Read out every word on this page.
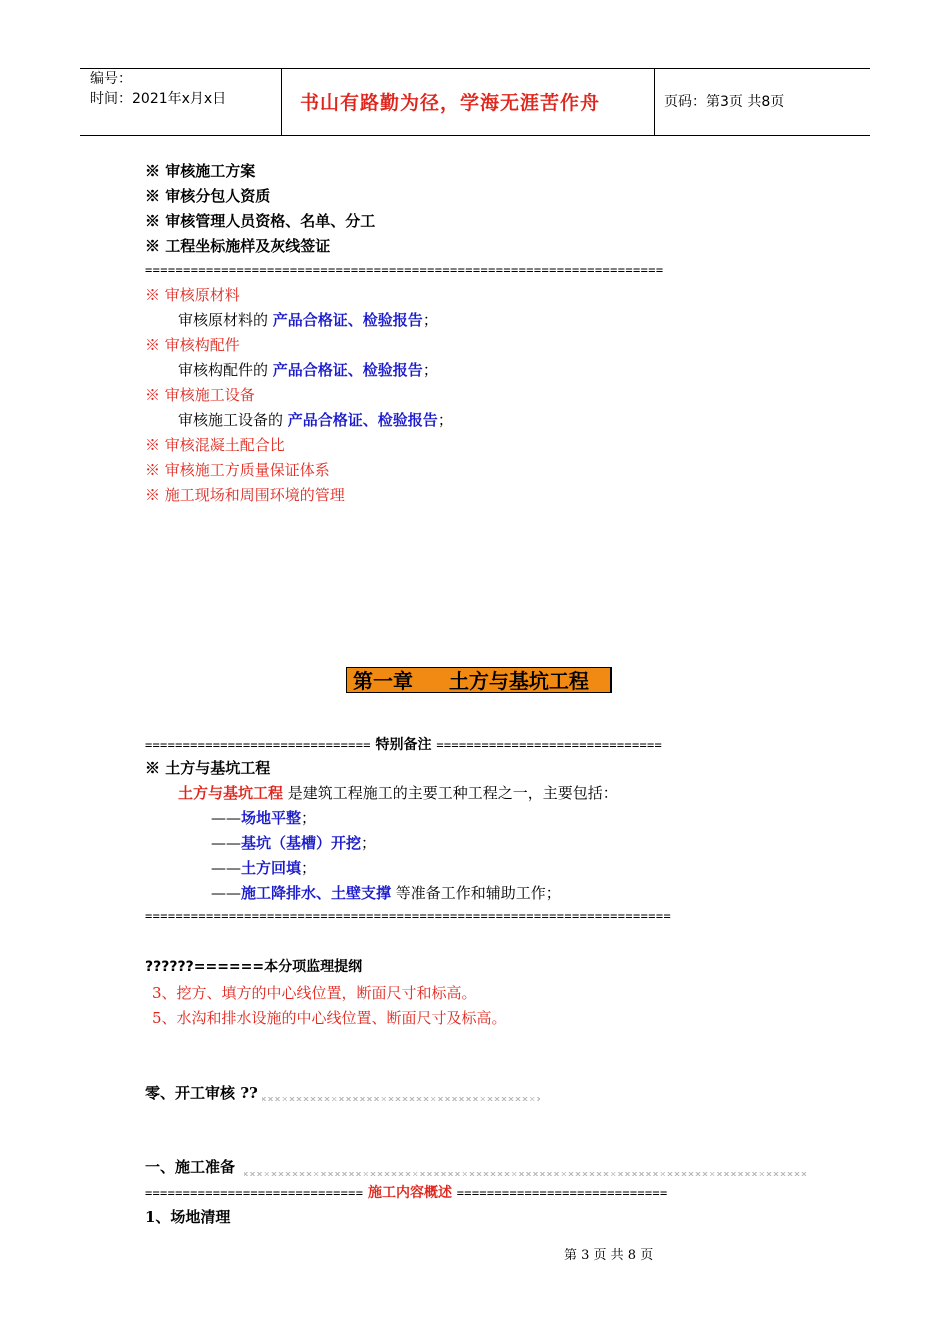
编号：
时间：2021年x月x日	书山有路勤为径，学海无涯苦作舟	页码：第3页 共8页
※ 审核施工方案
※ 审核分包人资质
※ 审核管理人员资格、名单、分工
※ 工程坐标施样及灰线签证
====================================================================
※ 审核原材料
审核原材料的 产品合格证、检验报告；
※ 审核构配件
审核构配件的 产品合格证、检验报告；
※ 审核施工设备
审核施工设备的 产品合格证、检验报告；
※ 审核混凝土配合比
※ 审核施工方质量保证体系
※ 施工现场和周围环境的管理
第一章 土方与基坑工程
============================== 特别备注 ==============================
※ 土方与基坑工程
土方与基坑工程 是建筑工程施工的主要工种工程之一，主要包括：
——场地平整；
——基坑（基槽）开挖；
——土方回填；
——施工降排水、土壁支撑 等准备工作和辅助工作；
=====================================================================
??????======本分项监理提纲
3、挖方、填方的中心线位置，断面尺寸和标高。
5、水沟和排水设施的中心线位置、断面尺寸及标高。
零、开工审核 ??
一、施工准备
============================= 施工内容概述 ============================
1、场地清理
第 3 页 共 8 页
